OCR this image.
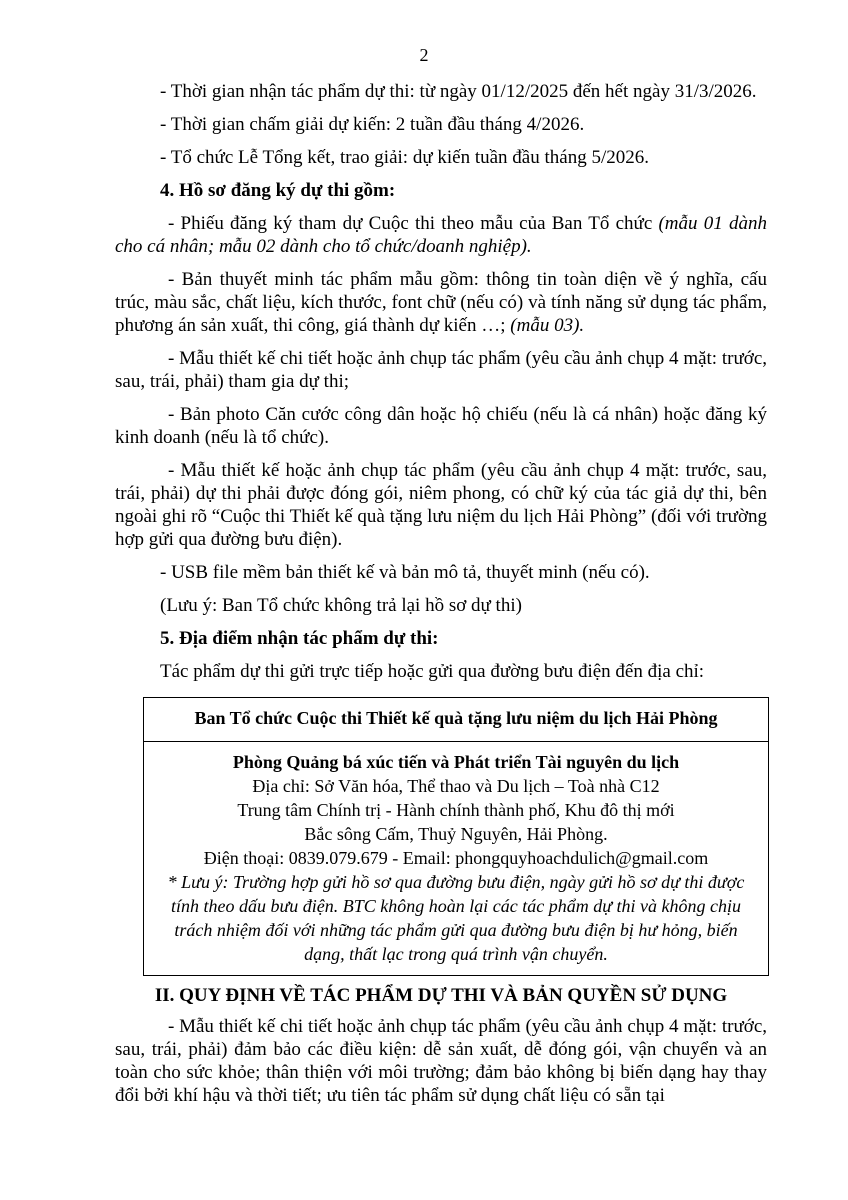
2

- Thời gian nhận tác phẩm dự thi: từ ngày 01/12/2025 đến hết ngày 31/3/2026.

- Thời gian chấm giải dự kiến: 2 tuần đầu tháng 4/2026.

- Tổ chức Lễ Tổng kết, trao giải: dự kiến tuần đầu tháng 5/2026.

4. Hồ sơ đăng ký dự thi gồm:

- Phiếu đăng ký tham dự Cuộc thi theo mẫu của Ban Tổ chức (mẫu 01 dành cho cá nhân; mẫu 02 dành cho tổ chức/doanh nghiệp).

- Bản thuyết minh tác phẩm mẫu gồm: thông tin toàn diện về ý nghĩa, cấu trúc, màu sắc, chất liệu, kích thước, font chữ (nếu có) và tính năng sử dụng tác phẩm, phương án sản xuất, thi công, giá thành dự kiến …; (mẫu 03).

- Mẫu thiết kế chi tiết hoặc ảnh chụp tác phẩm (yêu cầu ảnh chụp 4 mặt: trước, sau, trái, phải) tham gia dự thi;

- Bản photo Căn cước công dân hoặc hộ chiếu (nếu là cá nhân) hoặc đăng ký kinh doanh (nếu là tổ chức).

- Mẫu thiết kế hoặc ảnh chụp tác phẩm (yêu cầu ảnh chụp 4 mặt: trước, sau, trái, phải) dự thi phải được đóng gói, niêm phong, có chữ ký của tác giả dự thi, bên ngoài ghi rõ “Cuộc thi Thiết kế quà tặng lưu niệm du lịch Hải Phòng” (đối với trường hợp gửi qua đường bưu điện).

- USB file mềm bản thiết kế và bản mô tả, thuyết minh (nếu có).

(Lưu ý: Ban Tổ chức không trả lại hồ sơ dự thi)

5. Địa điểm nhận tác phẩm dự thi:

Tác phẩm dự thi gửi trực tiếp hoặc gửi qua đường bưu điện đến địa chỉ:

Ban Tổ chức Cuộc thi Thiết kế quà tặng lưu niệm du lịch Hải Phòng
Phòng Quảng bá xúc tiến và Phát triển Tài nguyên du lịch
Địa chỉ: Sở Văn hóa, Thể thao và Du lịch – Toà nhà C12
Trung tâm Chính trị - Hành chính thành phố, Khu đô thị mới
Bắc sông Cấm, Thuỷ Nguyên, Hải Phòng.
Điện thoại: 0839.079.679 - Email: phongquyhoachdulich@gmail.com
* Lưu ý: Trường hợp gửi hồ sơ qua đường bưu điện, ngày gửi hồ sơ dự thi được tính theo dấu bưu điện. BTC không hoàn lại các tác phẩm dự thi và không chịu trách nhiệm đối với những tác phẩm gửi qua đường bưu điện bị hư hỏng, biến dạng, thất lạc trong quá trình vận chuyển.

II. QUY ĐỊNH VỀ TÁC PHẨM DỰ THI VÀ BẢN QUYỀN SỬ DỤNG

- Mẫu thiết kế chi tiết hoặc ảnh chụp tác phẩm (yêu cầu ảnh chụp 4 mặt: trước, sau, trái, phải) đảm bảo các điều kiện: dễ sản xuất, dễ đóng gói, vận chuyển và an toàn cho sức khỏe; thân thiện với môi trường; đảm bảo không bị biến dạng hay thay đổi bởi khí hậu và thời tiết; ưu tiên tác phẩm sử dụng chất liệu có sẵn tại
